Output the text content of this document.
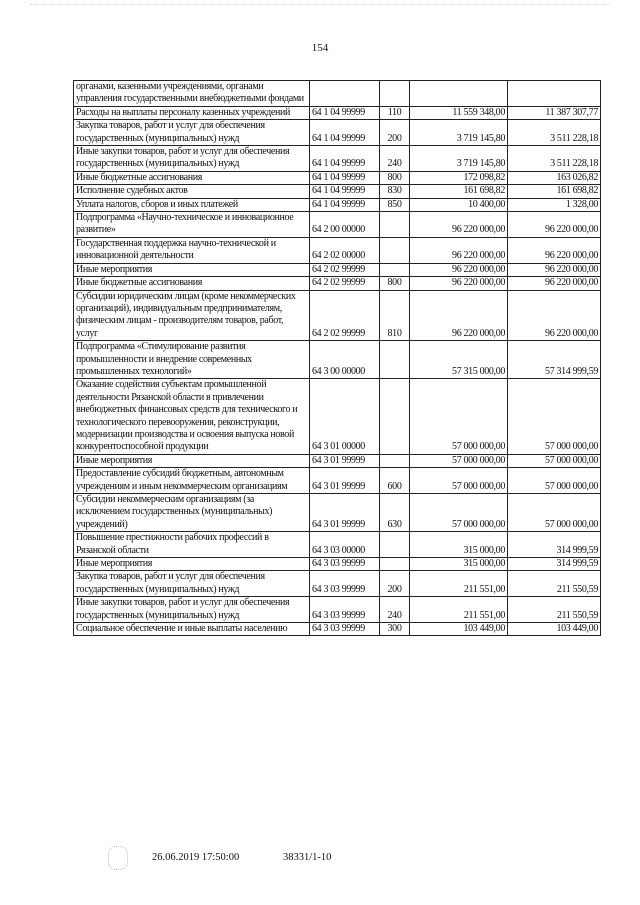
154
органами, казенными учреждениями, органами управления государственными внебюджетными фондами				
Расходы на выплаты персоналу казенных учреждений	64 1 04 99999	110	11 559 348,00	11 387 307,77
Закупка товаров, работ и услуг для обеспечения государственных (муниципальных) нужд	64 1 04 99999	200	3 719 145,80	3 511 228,18
Иные закупки товаров, работ и услуг для обеспечения государственных (муниципальных) нужд	64 1 04 99999	240	3 719 145,80	3 511 228,18
Иные бюджетные ассигнования	64 1 04 99999	800	172 098,82	163 026,82
Исполнение судебных актов	64 1 04 99999	830	161 698,82	161 698,82
Уплата налогов, сборов и иных платежей	64 1 04 99999	850	10 400,00	1 328,00
Подпрограмма «Научно-техническое и инновационное развитие»	64 2 00 00000		96 220 000,00	96 220 000,00
Государственная поддержка научно-технической и инновационной деятельности	64 2 02 00000		96 220 000,00	96 220 000,00
Иные мероприятия	64 2 02 99999		96 220 000,00	96 220 000,00
Иные бюджетные ассигнования	64 2 02 99999	800	96 220 000,00	96 220 000,00
Субсидии юридическим лицам (кроме некоммерческих организаций), индивидуальным предпринимателям, физическим лицам - производителям товаров, работ, услуг	64 2 02 99999	810	96 220 000,00	96 220 000,00
Подпрограмма «Стимулирование развития промышленности и внедрение современных промышленных технологий»	64 3 00 00000		57 315 000,00	57 314 999,59
Оказание содействия субъектам промышленной деятельности Рязанской области в привлечении внебюджетных финансовых средств для технического и технологического перевооружения, реконструкции, модернизации производства и освоения выпуска новой конкурентоспособной продукции	64 3 01 00000		57 000 000,00	57 000 000,00
Иные мероприятия	64 3 01 99999		57 000 000,00	57 000 000,00
Предоставление субсидий бюджетным, автономным учреждениям и иным некоммерческим организациям	64 3 01 99999	600	57 000 000,00	57 000 000,00
Субсидии некоммерческим организациям (за исключением государственных (муниципальных) учреждений)	64 3 01 99999	630	57 000 000,00	57 000 000,00
Повышение престижности рабочих профессий в Рязанской области	64 3 03 00000		315 000,00	314 999,59
Иные мероприятия	64 3 03 99999		315 000,00	314 999,59
Закупка товаров, работ и услуг для обеспечения государственных (муниципальных) нужд	64 3 03 99999	200	211 551,00	211 550,59
Иные закупки товаров, работ и услуг для обеспечения государственных (муниципальных) нужд	64 3 03 99999	240	211 551,00	211 550,59
Социальное обеспечение и иные выплаты населению	64 3 03 99999	300	103 449,00	103 449,00
26.06.2019 17:50:00	38331/1-10
